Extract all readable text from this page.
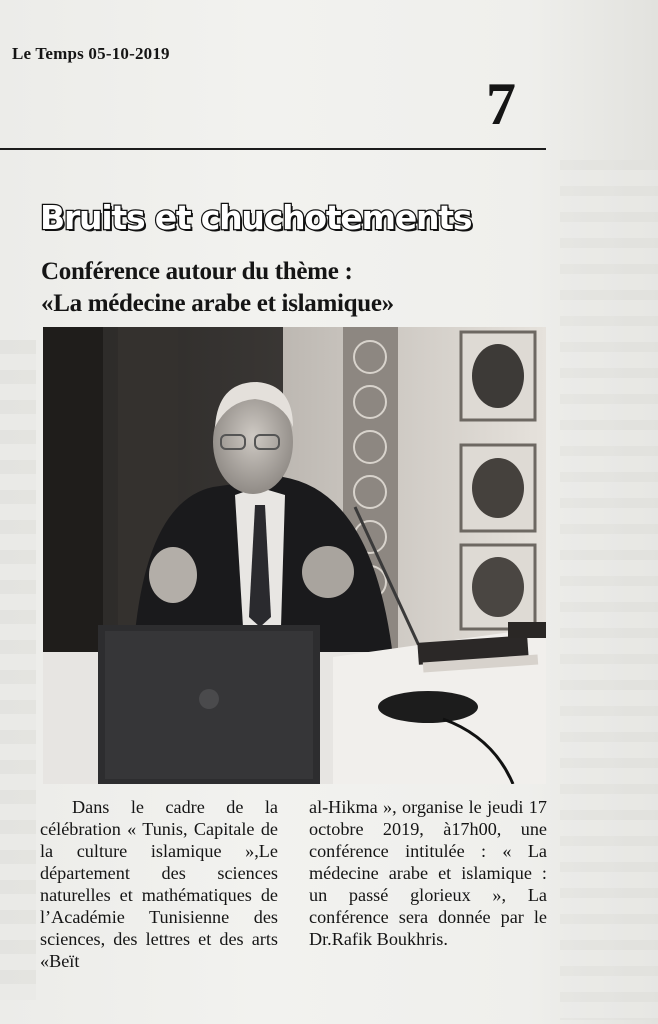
Le Temps 05-10-2019
7
Bruits et chuchotements
Conférence autour du thème :
«La médecine arabe et islamique»

Dans le cadre de la célébration « Tunis, Capitale de la culture islamique »,Le département des sciences naturelles et mathématiques de l’Académie Tunisienne des sciences, des lettres et des arts «Beït

al-Hikma », organise le jeudi 17 octobre 2019, à17h00, une conférence intitulée : « La médecine arabe et islamique : un passé glorieux », La conférence sera donnée par le Dr.Rafik Boukhris.
